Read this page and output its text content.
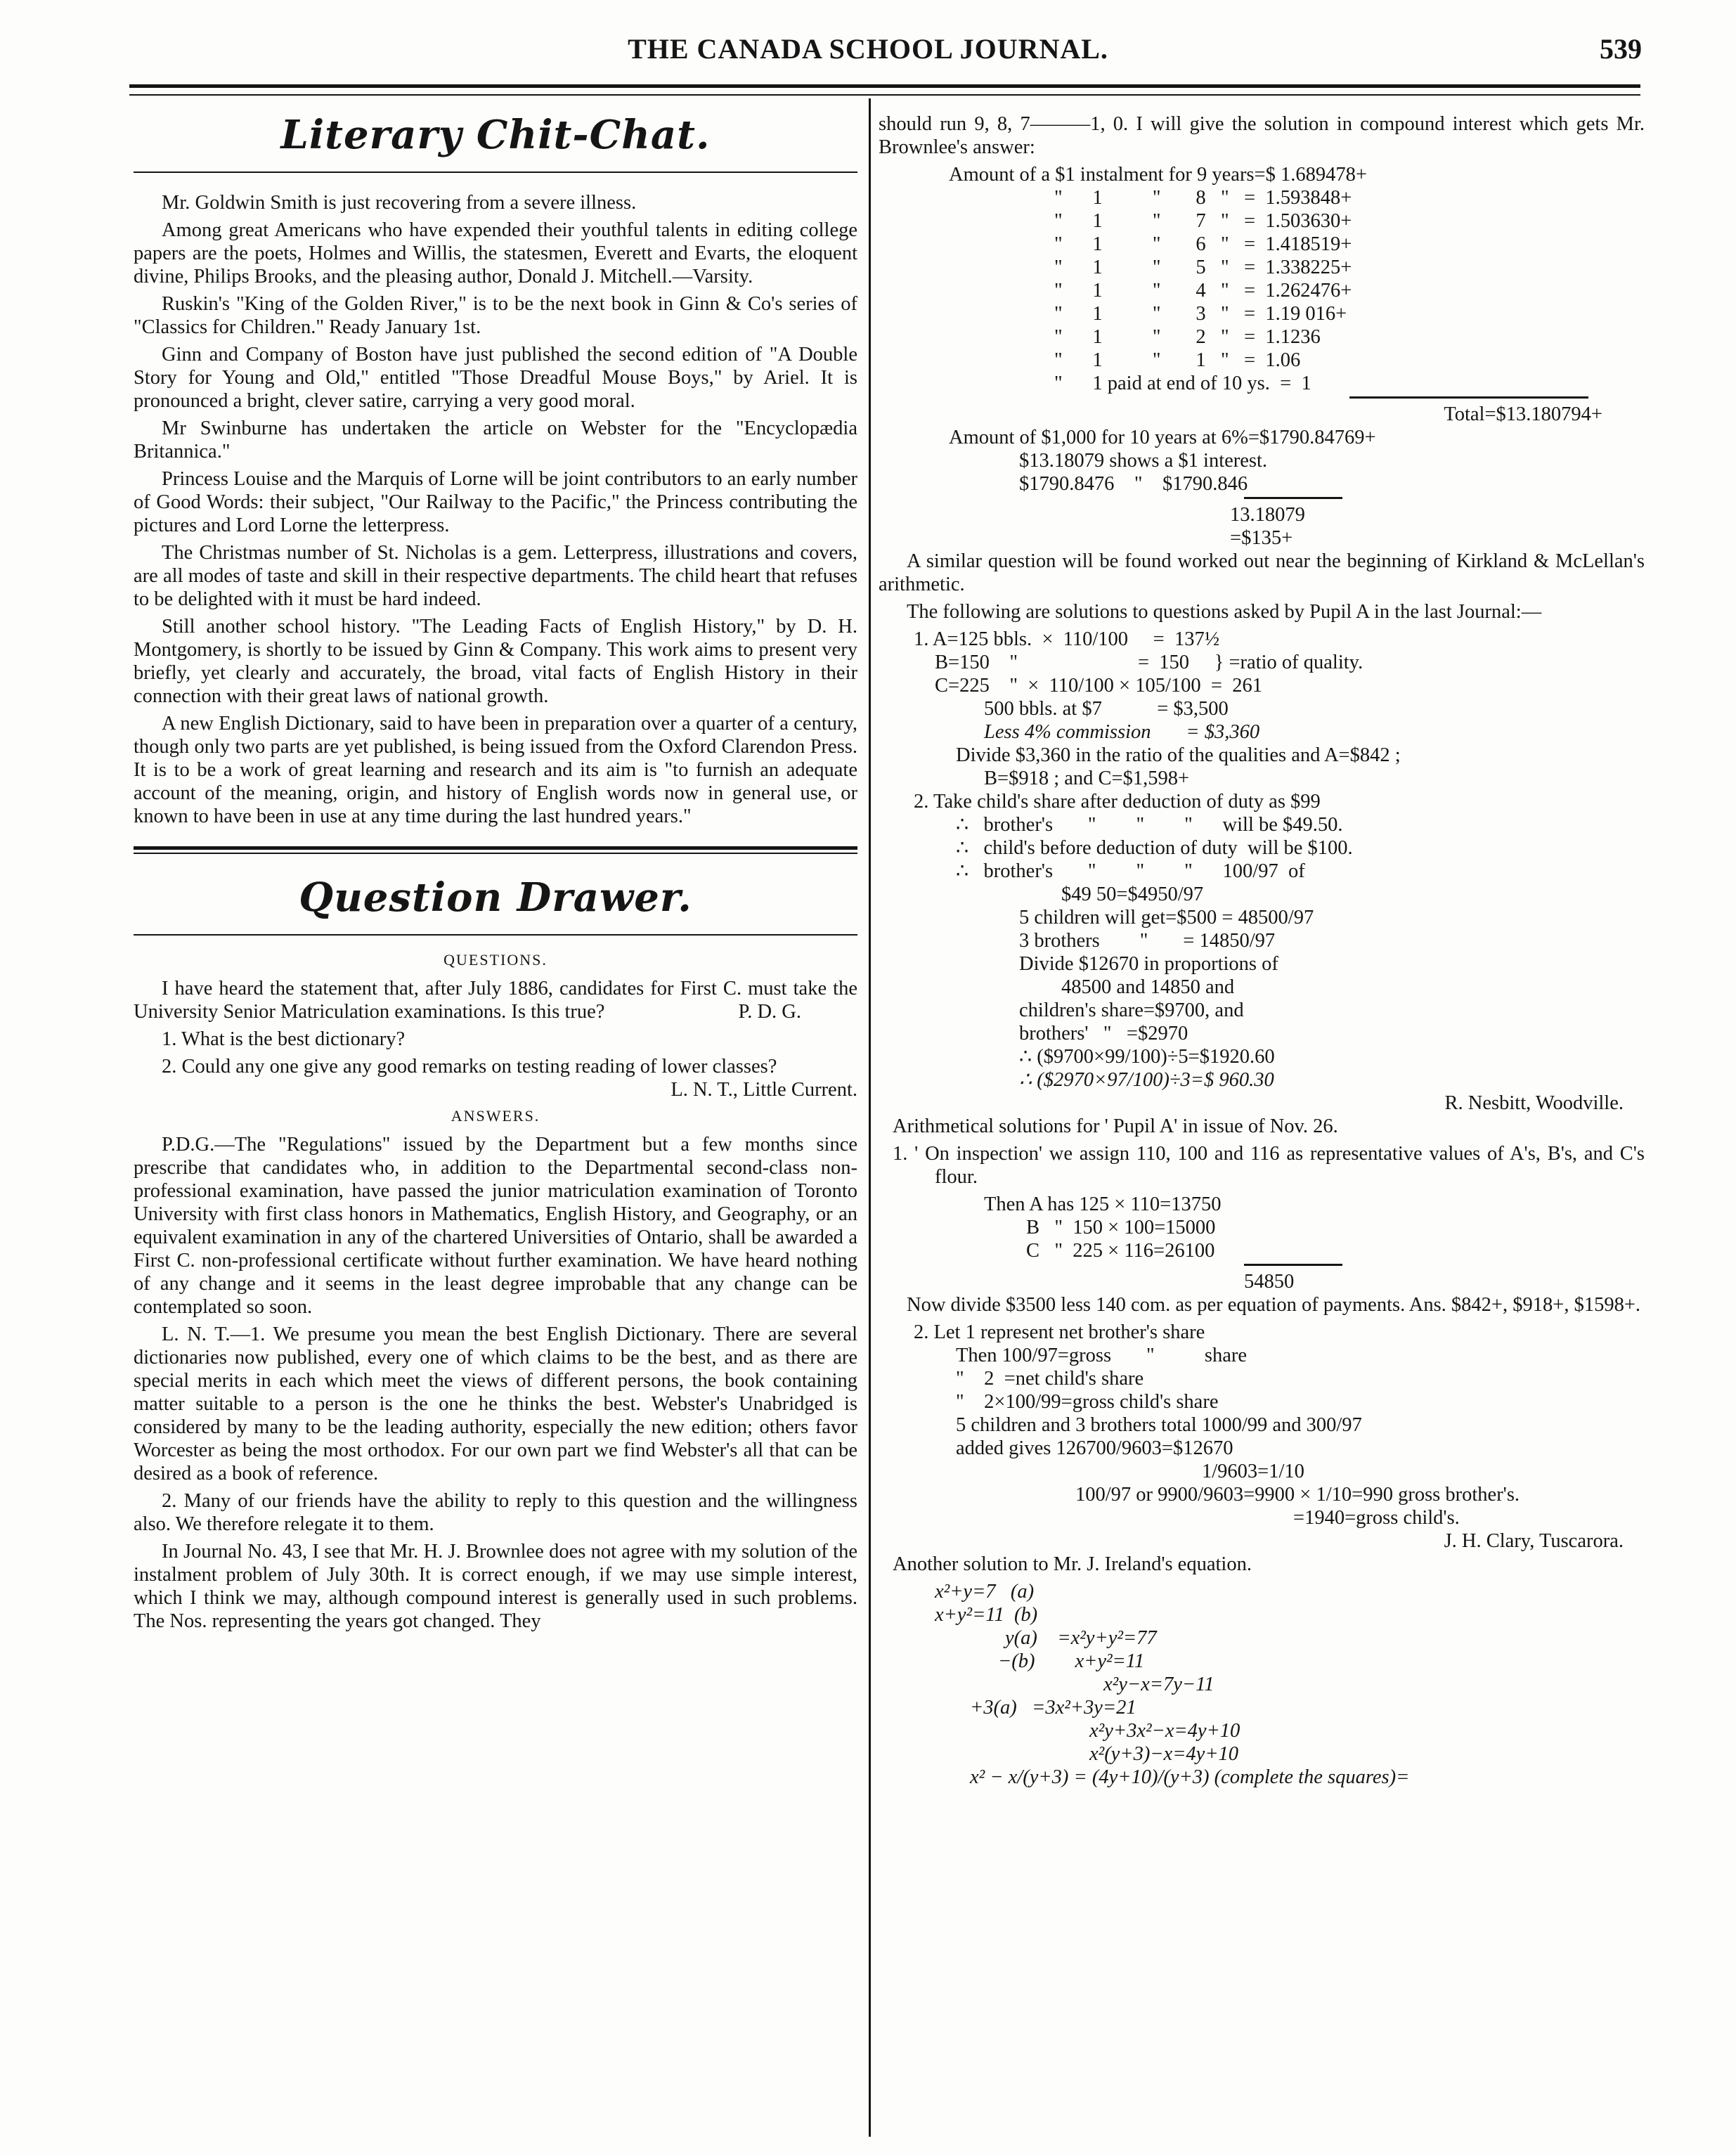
THE CANADA SCHOOL JOURNAL.	539
Literary Chit-Chat.

Mr. Goldwin Smith is just recovering from a severe illness.

Among great Americans who have expended their youthful talents in editing college papers are the poets, Holmes and Willis, the statesmen, Everett and Evarts, the eloquent divine, Philips Brooks, and the pleasing author, Donald J. Mitchell.—Varsity.

Ruskin's "King of the Golden River," is to be the next book in Ginn & Co's series of "Classics for Children." Ready January 1st.

Ginn and Company of Boston have just published the second edition of "A Double Story for Young and Old," entitled "Those Dreadful Mouse Boys," by Ariel. It is pronounced a bright, clever satire, carrying a very good moral.

Mr Swinburne has undertaken the article on Webster for the "Encyclopædia Britannica."

Princess Louise and the Marquis of Lorne will be joint contributors to an early number of Good Words: their subject, "Our Railway to the Pacific," the Princess contributing the pictures and Lord Lorne the letterpress.

The Christmas number of St. Nicholas is a gem. Letterpress, illustrations and covers, are all modes of taste and skill in their respective departments. The child heart that refuses to be delighted with it must be hard indeed.

Still another school history. "The Leading Facts of English History," by D. H. Montgomery, is shortly to be issued by Ginn & Company. This work aims to present very briefly, yet clearly and accurately, the broad, vital facts of English History in their connection with their great laws of national growth.

A new English Dictionary, said to have been in preparation over a quarter of a century, though only two parts are yet published, is being issued from the Oxford Clarendon Press. It is to be a work of great learning and research and its aim is "to furnish an adequate account of the meaning, origin, and history of English words now in general use, or known to have been in use at any time during the last hundred years."

Question Drawer.
QUESTIONS.

I have heard the statement that, after July 1886, candidates for First C. must take the University Senior Matriculation examinations. Is this true?	P. D. G.

1. What is the best dictionary?

2. Could any one give any good remarks on testing reading of lower classes?

L. N. T., Little Current.
ANSWERS.

P.D.G.—The "Regulations" issued by the Department but a few months since prescribe that candidates who, in addition to the Departmental second-class non-professional examination, have passed the junior matriculation examination of Toronto University with first class honors in Mathematics, English History, and Geography, or an equivalent examination in any of the chartered Universities of Ontario, shall be awarded a First C. non-professional certificate without further examination. We have heard nothing of any change and it seems in the least degree improbable that any change can be contemplated so soon.

L. N. T.—1. We presume you mean the best English Dictionary. There are several dictionaries now published, every one of which claims to be the best, and as there are special merits in each which meet the views of different persons, the book containing matter suitable to a person is the one he thinks the best. Webster's Unabridged is considered by many to be the leading authority, especially the new edition; others favor Worcester as being the most orthodox. For our own part we find Webster's all that can be desired as a book of reference.

2. Many of our friends have the ability to reply to this question and the willingness also. We therefore relegate it to them.

In Journal No. 43, I see that Mr. H. J. Brownlee does not agree with my solution of the instalment problem of July 30th. It is correct enough, if we may use simple interest, which I think we may, although compound interest is generally used in such problems. The Nos. representing the years got changed. They

should run 9, 8, 7———1, 0. I will give the solution in compound interest which gets Mr. Brownlee's answer:

Amount of a $1 instalment for 9 years=$ 1.689478+
"      1          "       8   "   =  1.593848+
"      1          "       7   "   =  1.503630+
"      1          "       6   "   =  1.418519+
"      1          "       5   "   =  1.338225+
"      1          "       4   "   =  1.262476+
"      1          "       3   "   =  1.19 016+
"      1          "       2   "   =  1.1236
"      1          "       1   "   =  1.06
"      1 paid at end of 10 ys.  =  1
Total=$13.180794+
Amount of $1,000 for 10 years at 6%=$1790.84769+
$13.18079 shows a $1 interest.
$1790.8476    "    $1790.846
13.18079
=$135+

A similar question will be found worked out near the beginning of Kirkland & McLellan's arithmetic.

The following are solutions to questions asked by Pupil A in the last Journal:—

1. A=125 bbls.  ×  110/100     =  137½
B=150    "                        =  150     } =ratio of quality.
C=225    "  ×  110/100 × 105/100  =  261
500 bbls. at $7           = $3,500
Less 4% commission       = $3,360
Divide $3,360 in the ratio of the qualities and A=$842 ;
B=$918 ; and C=$1,598+
2. Take child's share after deduction of duty as $99
∴   brother's       "        "        "      will be $49.50.
∴   child's before deduction of duty  will be $100.
∴   brother's       "        "        "      100/97  of
$49 50=$4950/97
5 children will get=$500 = 48500/97
3 brothers        "       = 14850/97
Divide $12670 in proportions of
48500 and 14850 and
children's share=$9700, and
brothers'   "   =$2970
∴ ($9700×99/100)÷5=$1920.60
∴ ($2970×97/100)÷3=$ 960.30
R. Nesbitt, Woodville.

Arithmetical solutions for ' Pupil A' in issue of Nov. 26.

1. ' On inspection' we assign 110, 100 and 116 as representative values of A's, B's, and C's flour.

Then A has 125 × 110=13750
B   "  150 × 100=15000
C   "  225 × 116=26100
54850

Now divide $3500 less 140 com. as per equation of payments. Ans. $842+, $918+, $1598+.

2. Let 1 represent net brother's share
Then 100/97=gross       "          share
"    2  =net child's share
"    2×100/99=gross child's share
5 children and 3 brothers total 1000/99 and 300/97
added gives 126700/9603=$12670
1/9603=1/10
100/97 or 9900/9603=9900 × 1/10=990 gross brother's.
=1940=gross child's.
J. H. Clary, Tuscarora.

Another solution to Mr. J. Ireland's equation.

x²+y=7   (a)
x+y²=11  (b)
y(a)    =x²y+y²=77
−(b)        x+y²=11
x²y−x=7y−11
+3(a)   =3x²+3y=21
x²y+3x²−x=4y+10
x²(y+3)−x=4y+10
x² − x/(y+3) = (4y+10)/(y+3) (complete the squares)=
